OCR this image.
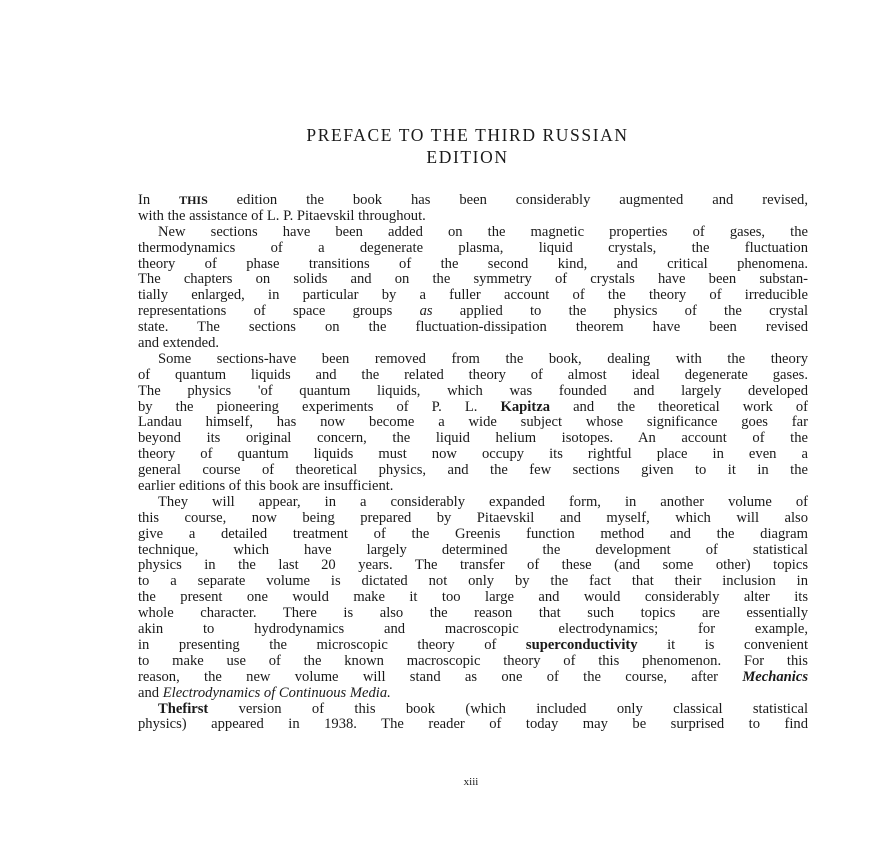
PREFACE TO THE THIRD RUSSIAN
EDITION
In THIS edition the book has been considerably augmented and revised,
with the assistance of L. P. Pitaevskil throughout.
New sections have been added on the magnetic properties of gases, the
thermodynamics of a degenerate plasma, liquid crystals, the fluctuation
theory of phase transitions of the second kind, and critical phenomena.
The chapters on solids and on the symmetry of crystals have been substan-
tially enlarged, in particular by a fuller account of the theory of irreducible
representations of space groups as applied to the physics of the crystal
state. The sections on the fluctuation-dissipation theorem have been revised
and extended.
Some sections-have been removed from the book, dealing with the theory
of quantum liquids and the related theory of almost ideal degenerate gases.
The physics 'of quantum liquids, which was founded and largely developed
by the pioneering experiments of P. L. Kapitza and the theoretical work of
Landau himself, has now become a wide subject whose significance goes far
beyond its original concern, the liquid helium isotopes. An account of the
theory of quantum liquids must now occupy its rightful place in even a
general course of theoretical physics, and the few sections given to it in the
earlier editions of this book are insufficient.
They will appear, in a considerably expanded form, in another volume of
this course, now being prepared by Pitaevskil and myself, which will also
give a detailed treatment of the Greenis function method and the diagram
technique, which have largely determined the development of statistical
physics in the last 20 years. The transfer of these (and some other) topics
to a separate volume is dictated not only by the fact that their inclusion in
the present one would make it too large and would considerably alter its
whole character. There is also the reason that such topics are essentially
akin to hydrodynamics and macroscopic electrodynamics; for example,
in presenting the microscopic theory of superconductivity it is convenient
to make use of the known macroscopic theory of this phenomenon. For this
reason, the new volume will stand as one of the course, after Mechanics
and Electrodynamics of Continuous Media.
Thefirst version of this book (which included only classical statistical
physics) appeared in 1938. The reader of today may be surprised to find
xiii
